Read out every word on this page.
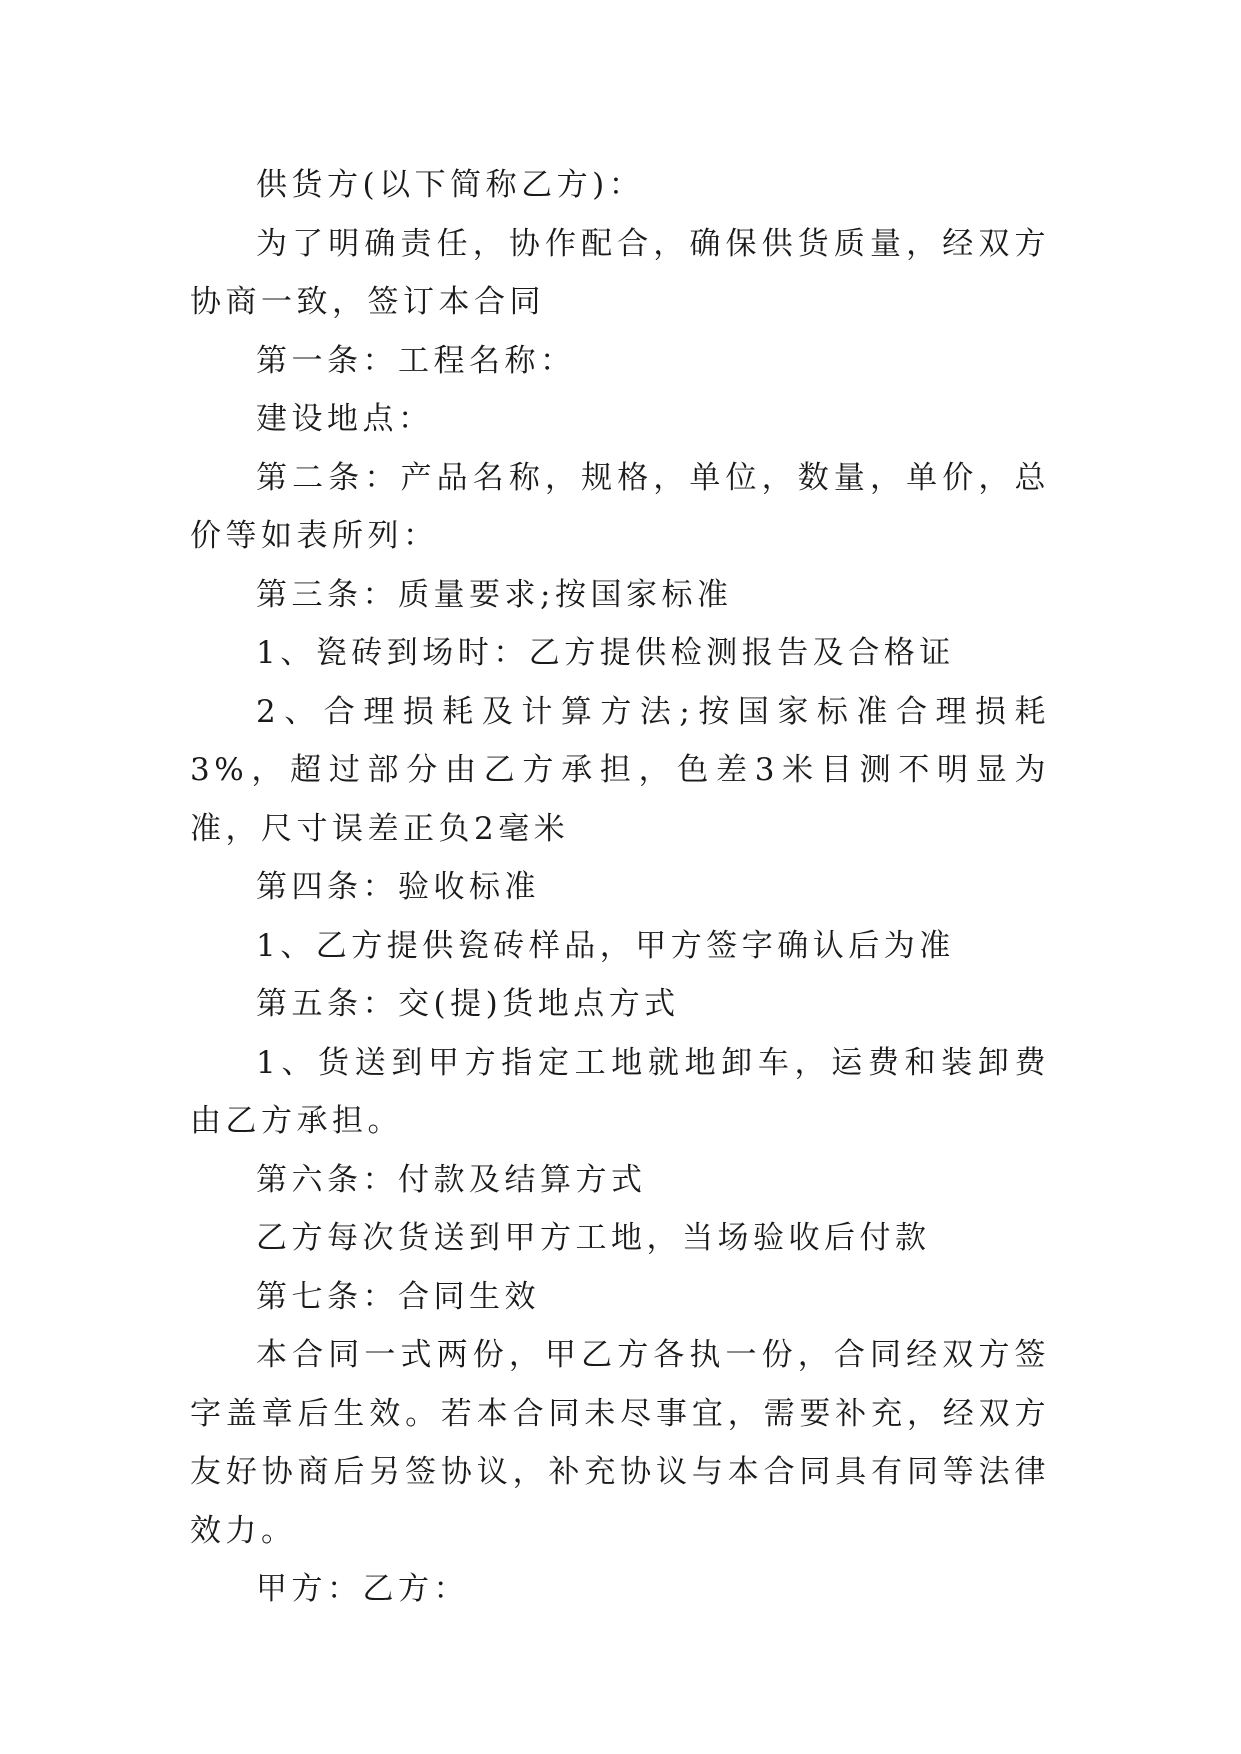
供货方(以下简称乙方)：

为了明确责任，协作配合，确保供货质量，经双方协商一致，签订本合同

第一条：工程名称：

建设地点：

第二条：产品名称，规格，单位，数量，单价，总价等如表所列：

第三条：质量要求;按国家标准

1、瓷砖到场时：乙方提供检测报告及合格证

2、合理损耗及计算方法;按国家标准合理损耗3%，超过部分由乙方承担，色差3米目测不明显为准，尺寸误差正负2毫米

第四条：验收标准

1、乙方提供瓷砖样品，甲方签字确认后为准

第五条：交(提)货地点方式

1、货送到甲方指定工地就地卸车，运费和装卸费由乙方承担。

第六条：付款及结算方式

乙方每次货送到甲方工地，当场验收后付款

第七条：合同生效

本合同一式两份，甲乙方各执一份，合同经双方签字盖章后生效。若本合同未尽事宜，需要补充，经双方友好协商后另签协议，补充协议与本合同具有同等法律效力。

甲方：乙方：
